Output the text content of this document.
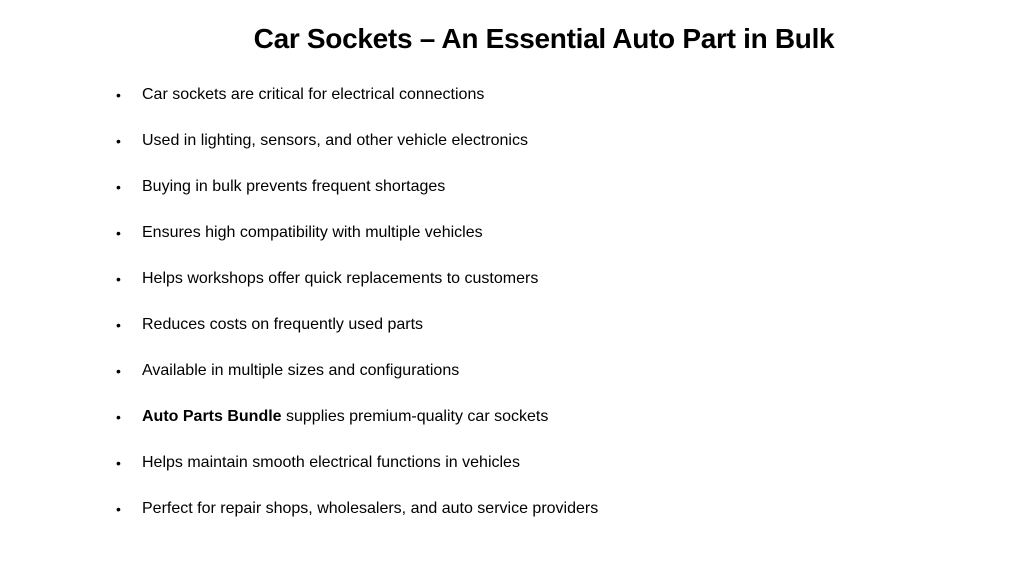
Car Sockets – An Essential Auto Part in Bulk
• Car sockets are critical for electrical connections
• Used in lighting, sensors, and other vehicle electronics
• Buying in bulk prevents frequent shortages
• Ensures high compatibility with multiple vehicles
• Helps workshops offer quick replacements to customers
• Reduces costs on frequently used parts
• Available in multiple sizes and configurations
• Auto Parts Bundle supplies premium-quality car sockets
• Helps maintain smooth electrical functions in vehicles
• Perfect for repair shops, wholesalers, and auto service providers
